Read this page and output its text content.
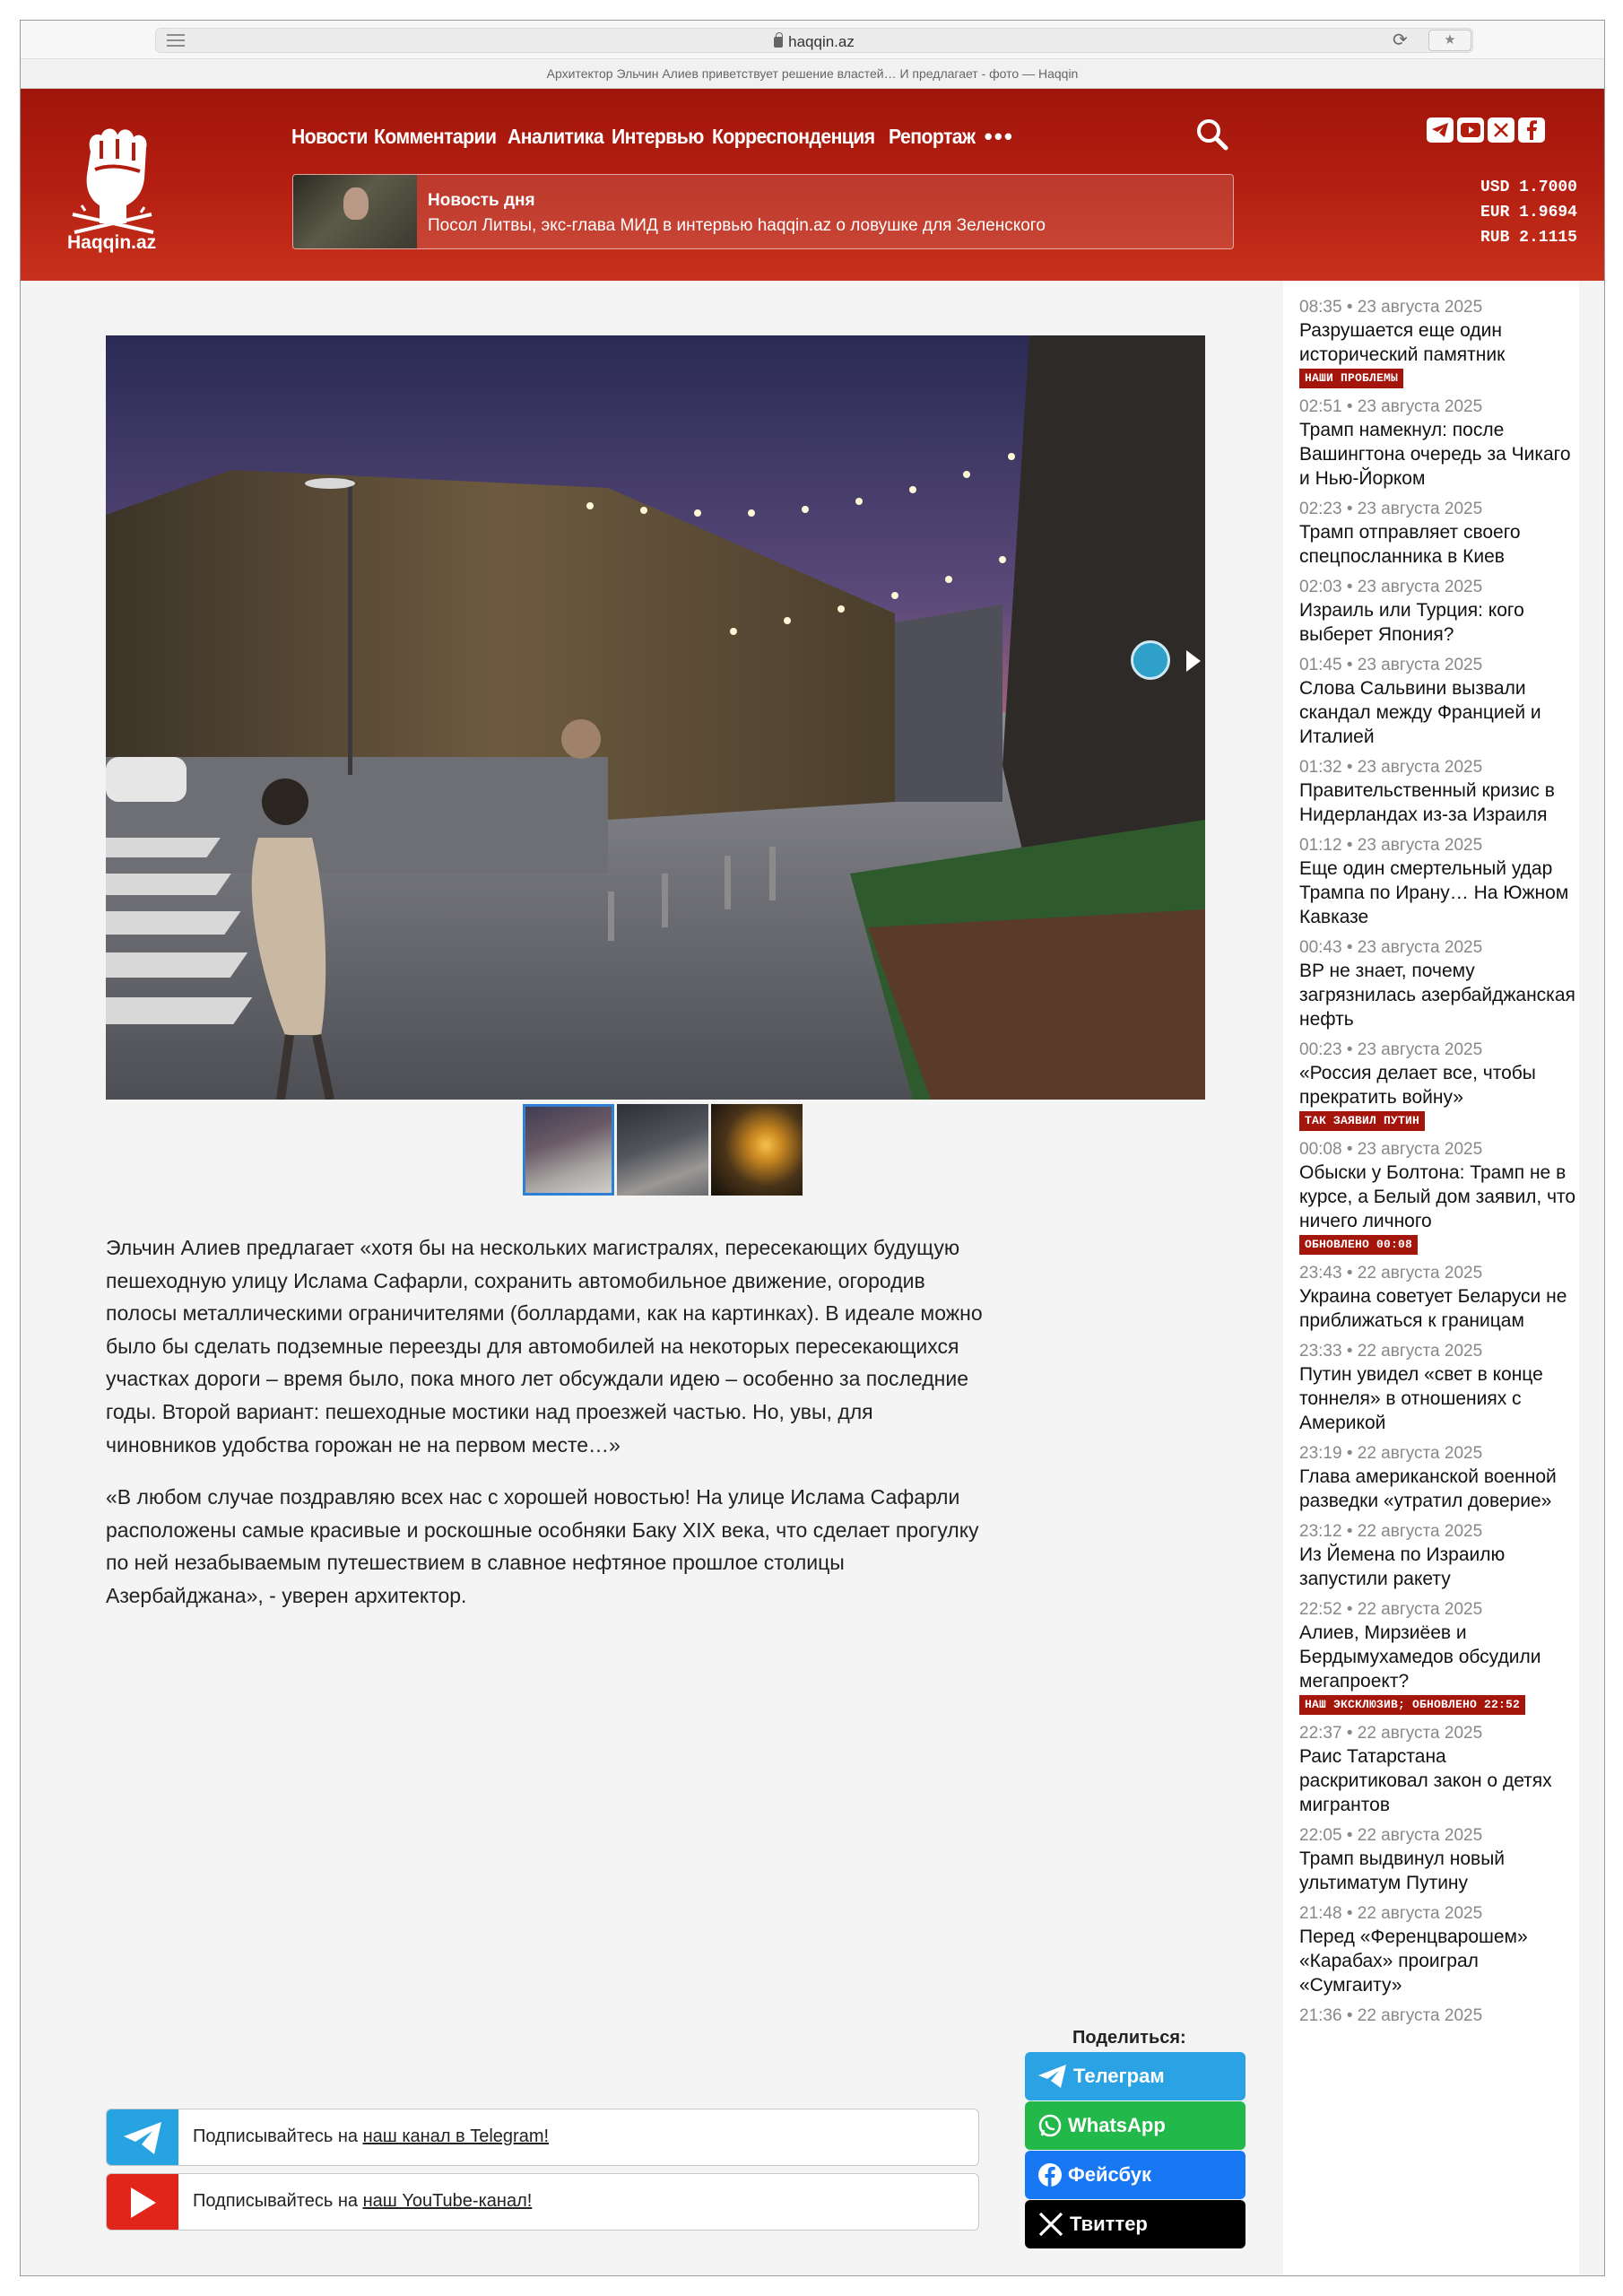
haqqin.az	⟳	★
Архитектор Эльчин Алиев приветствует решение властей… И предлагает - фото — Haqqin
Haqqin.az
Новости Комментарии Аналитика Интервью Корреспонденция Репортаж •••
Новость дня
Посол Литвы, экс-глава МИД в интервью haqqin.az о ловушке для Зеленского
USD 1.7000
EUR 1.9694
RUB 2.1115

Эльчин Алиев предлагает «хотя бы на нескольких магистралях, пересекающих будущую пешеходную улицу Ислама Сафарли, сохранить автомобильное движение, огородив полосы металлическими ограничителями (боллардами, как на картинках). В идеале можно было бы сделать подземные переезды для автомобилей на некоторых пересекающихся участках дороги – время было, пока много лет обсуждали идею – особенно за последние годы. Второй вариант: пешеходные мостики над проезжей частью. Но, увы, для чиновников удобства горожан не на первом месте…»

«В любом случае поздравляю всех нас с хорошей новостью! На улице Ислама Сафарли расположены самые красивые и роскошные особняки Баку XIX века, что сделает прогулку по ней незабываемым путешествием в славное нефтяное прошлое столицы Азербайджана», - уверен архитектор.

Поделиться:
Телеграм
WhatsApp
Фейсбук
Твиттер
Подписывайтесь на наш канал в Telegram!
Подписывайтесь на наш YouTube-канал!
08:35 • 23 августа 2025
Разрушается еще один исторический памятник
НАШИ ПРОБЛЕМЫ
02:51 • 23 августа 2025
Трамп намекнул: после Вашингтона очередь за Чикаго и Нью-Йорком
02:23 • 23 августа 2025
Трамп отправляет своего спецпосланника в Киев
02:03 • 23 августа 2025
Израиль или Турция: кого выберет Япония?
01:45 • 23 августа 2025
Слова Сальвини вызвали скандал между Францией и Италией
01:32 • 23 августа 2025
Правительственный кризис в Нидерландах из-за Израиля
01:12 • 23 августа 2025
Еще один смертельный удар Трампа по Ирану… На Южном Кавказе
00:43 • 23 августа 2025
BP не знает, почему загрязнилась азербайджанская нефть
00:23 • 23 августа 2025
«Россия делает все, чтобы прекратить войну»
ТАК ЗАЯВИЛ ПУТИН
00:08 • 23 августа 2025
Обыски у Болтона: Трамп не в курсе, а Белый дом заявил, что ничего личного
ОБНОВЛЕНО 00:08
23:43 • 22 августа 2025
Украина советует Беларуси не приближаться к границам
23:33 • 22 августа 2025
Путин увидел «свет в конце тоннеля» в отношениях с Америкой
23:19 • 22 августа 2025
Глава американской военной разведки «утратил доверие»
23:12 • 22 августа 2025
Из Йемена по Израилю запустили ракету
22:52 • 22 августа 2025
Алиев, Мирзиёев и Бердымухамедов обсудили мегапроект?
НАШ ЭКСКЛЮЗИВ; ОБНОВЛЕНО 22:52
22:37 • 22 августа 2025
Раис Татарстана раскритиковал закон о детях мигрантов
22:05 • 22 августа 2025
Трамп выдвинул новый ультиматум Путину
21:48 • 22 августа 2025
Перед «Ференцварошем» «Карабах» проиграл «Сумгаиту»
21:36 • 22 августа 2025
